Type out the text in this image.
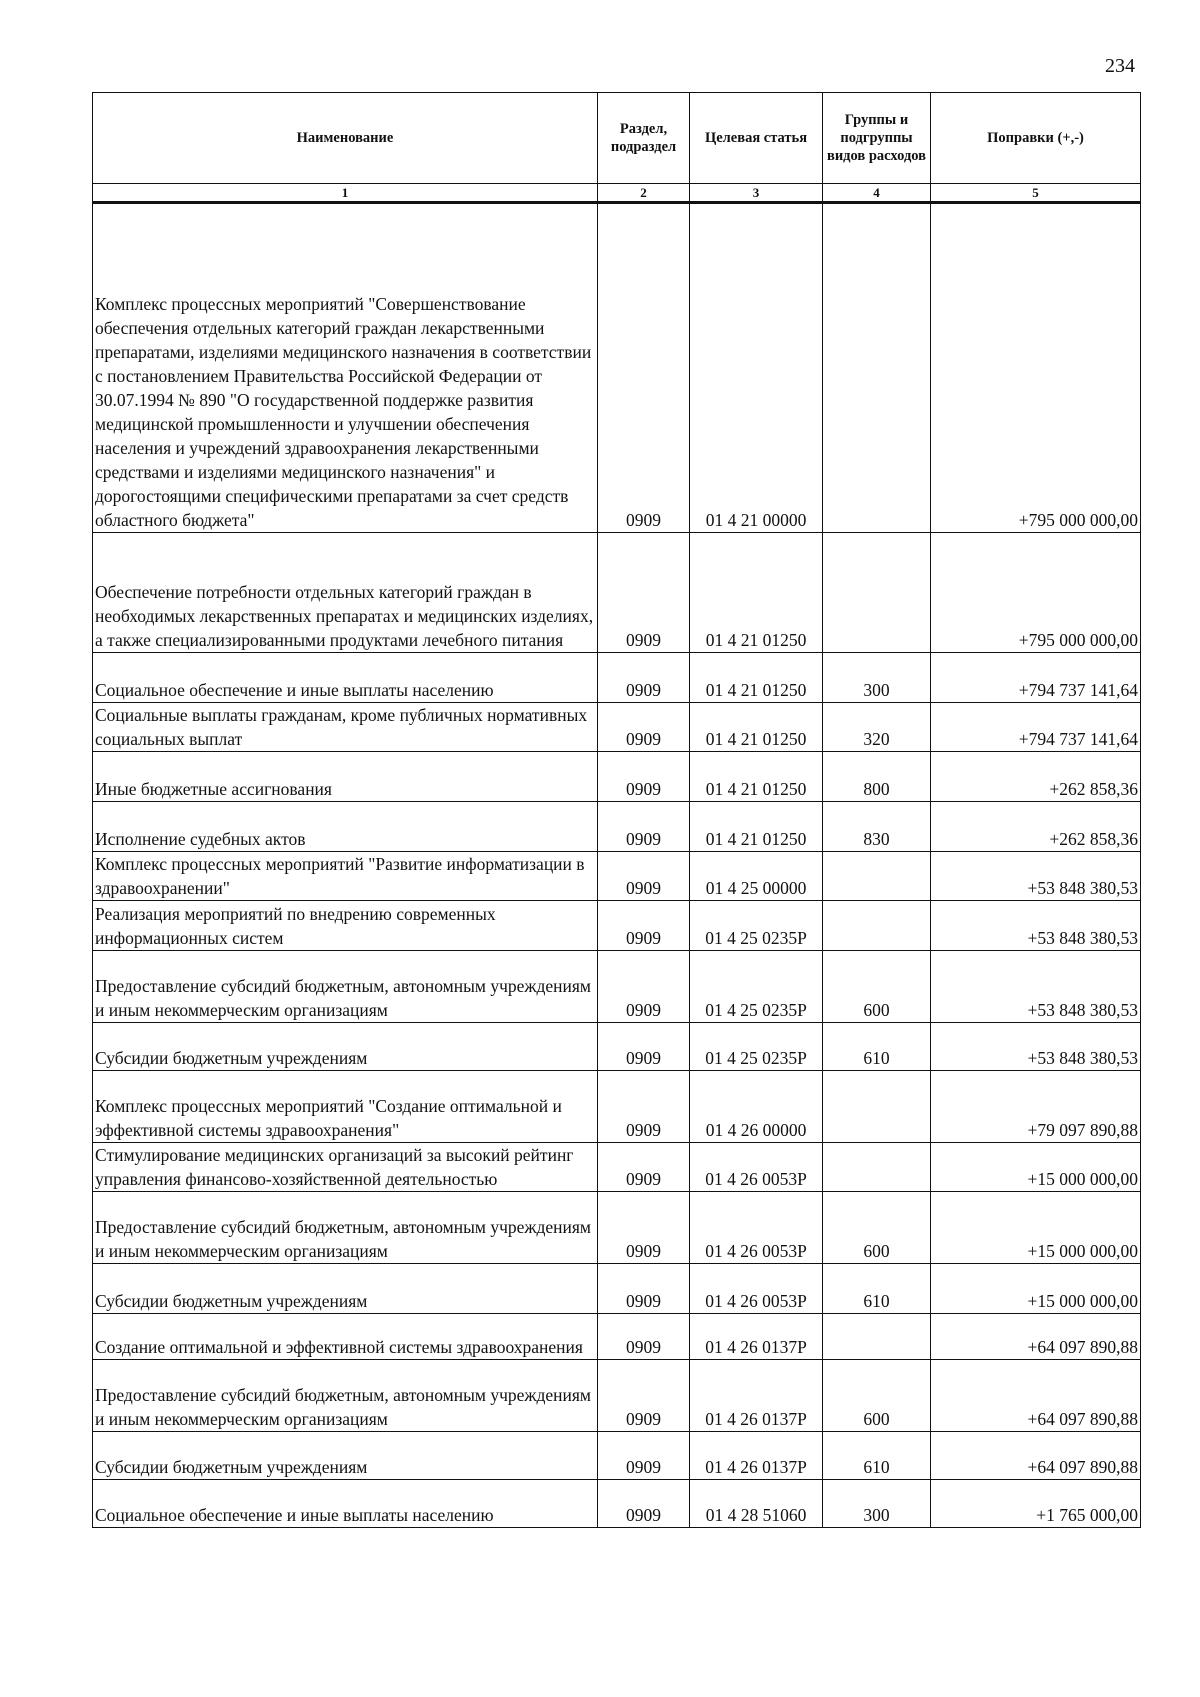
234
Наименование	Раздел, подраздел	Целевая статья	Группы и подгруппы видов расходов	Поправки (+,-)
1	2	3	4	5
Комплекс процессных мероприятий "Совершенствование обеспечения отдельных категорий граждан лекарственными препаратами, изделиями медицинского назначения в соответствии с постановлением Правительства Российской Федерации от 30.07.1994 № 890 "О государственной поддержке развития медицинской промышленности и улучшении обеспечения населения и учреждений здравоохранения лекарственными средствами и изделиями медицинского назначения" и дорогостоящими специфическими препаратами за счет средств областного бюджета"	0909	01 4 21 00000		+795 000 000,00
Обеспечение потребности отдельных категорий граждан в необходимых лекарственных препаратах и медицинских изделиях, а также специализированными продуктами лечебного питания	0909	01 4 21 01250		+795 000 000,00
Социальное обеспечение и иные выплаты населению	0909	01 4 21 01250	300	+794 737 141,64
Социальные выплаты гражданам, кроме публичных нормативных социальных выплат	0909	01 4 21 01250	320	+794 737 141,64
Иные бюджетные ассигнования	0909	01 4 21 01250	800	+262 858,36
Исполнение судебных актов	0909	01 4 21 01250	830	+262 858,36
Комплекс процессных мероприятий "Развитие информатизации в здравоохранении"	0909	01 4 25 00000		+53 848 380,53
Реализация мероприятий по внедрению современных информационных систем	0909	01 4 25 0235Р		+53 848 380,53
Предоставление субсидий бюджетным, автономным учреждениям и иным некоммерческим организациям	0909	01 4 25 0235Р	600	+53 848 380,53
Субсидии бюджетным учреждениям	0909	01 4 25 0235Р	610	+53 848 380,53
Комплекс процессных мероприятий "Создание оптимальной и эффективной системы здравоохранения"	0909	01 4 26 00000		+79 097 890,88
Стимулирование медицинских организаций за высокий рейтинг управления финансово-хозяйственной деятельностью	0909	01 4 26 0053Р		+15 000 000,00
Предоставление субсидий бюджетным, автономным учреждениям и иным некоммерческим организациям	0909	01 4 26 0053Р	600	+15 000 000,00
Субсидии бюджетным учреждениям	0909	01 4 26 0053Р	610	+15 000 000,00
Создание оптимальной и эффективной системы здравоохранения	0909	01 4 26 0137Р		+64 097 890,88
Предоставление субсидий бюджетным, автономным учреждениям и иным некоммерческим организациям	0909	01 4 26 0137Р	600	+64 097 890,88
Субсидии бюджетным учреждениям	0909	01 4 26 0137Р	610	+64 097 890,88
Социальное обеспечение и иные выплаты населению	0909	01 4 28 51060	300	+1 765 000,00
